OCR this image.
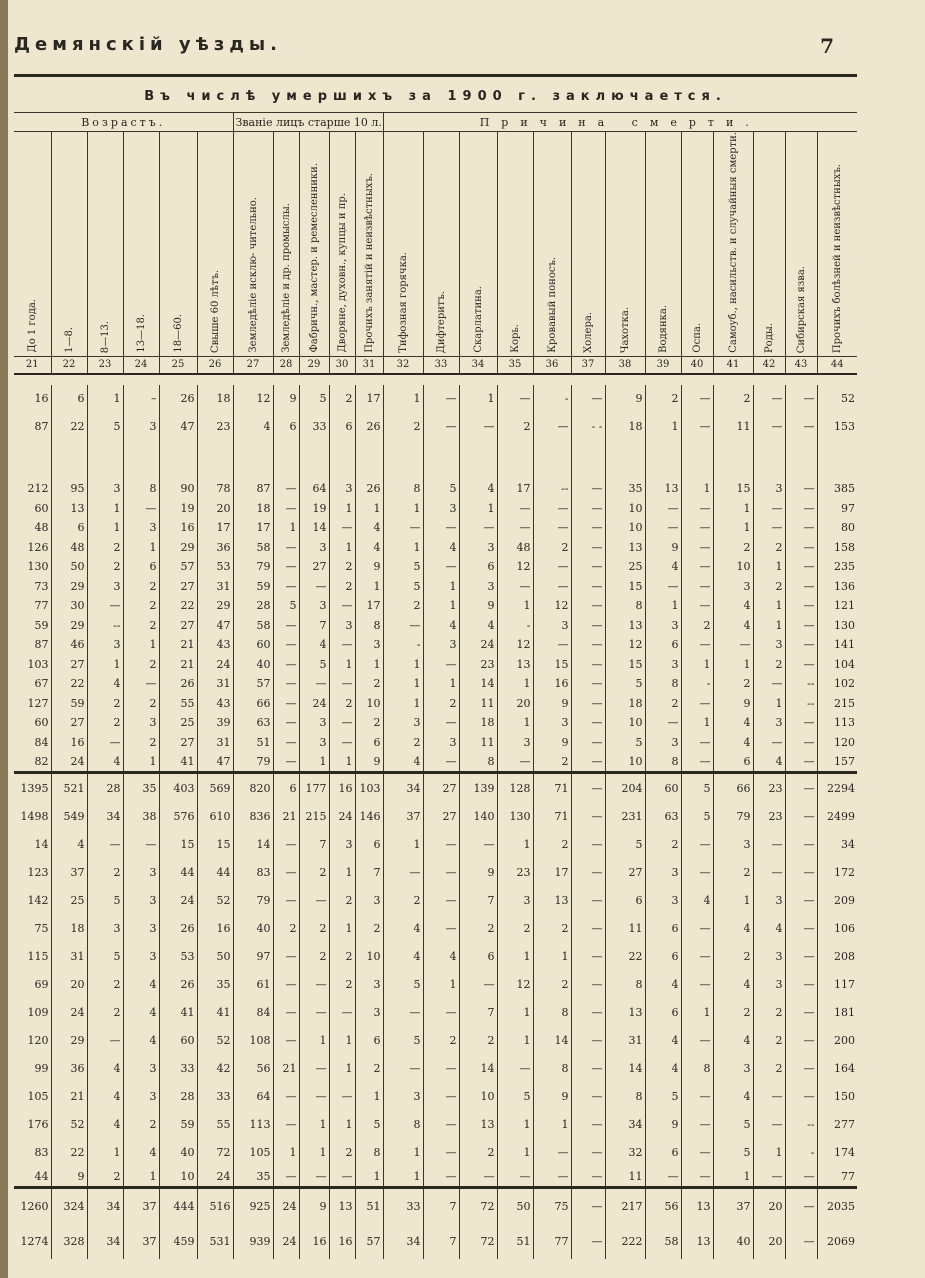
Демянскій уѣзды.	7
Въ числѣ умершихъ за 1900 г. заключается.																							
Возрастъ.						Званіе лицъ старше 10 л.					Причина смерти.												
До 1 года.	1—8.	8—13.	13—18.	18—60.	Свыше 60 лѣтъ.	Земледѣліе исклю- чительно.	Земледѣліе и др. промыслы.	Фабричн., мастер. и ремесленники.	Дворяне, духовн., купцы и пр.	Прочихъ занятій и неизвѣстныхъ.	Тифозная горячка.	Дифтеритъ.	Скарлатина.	Корь.	Кровавый поносъ.	Холера.	Чахотка.	Водянка.	Оспа.	Самоуб., насильств. и случайныя смерти.	Роды.	Сибирская язва.	Прочихъ болѣзней и неизвѣстныхъ.
21	22	23	24	25	26	27	28	29	30	31	32	33	34	35	36	37	38	39	40	41	42	43	44

16	6	1	–	26	18	12	9	5	2	17	1	—	1	—	-	—	9	2	—	2	—	—	52
87	22	5	3	47	23	4	6	33	6	26	2	—	—	2	—	- -	18	1	—	11	—	—	153

212	95	3	8	90	78	87	—	64	3	26	8	5	4	17	--	—	35	13	1	15	3	—	385
60	13	1	—	19	20	18	—	19	1	1	1	3	1	—	—	—	10	—	—	1	—	—	97
48	6	1	3	16	17	17	1	14	—	4	—	—	—	—	—	—	10	—	—	1	—	—	80
126	48	2	1	29	36	58	—	3	1	4	1	4	3	48	2	—	13	9	—	2	2	—	158
130	50	2	6	57	53	79	—	27	2	9	5	—	6	12	—	—	25	4	—	10	1	—	235
73	29	3	2	27	31	59	—	—	2	1	5	1	3	—	—	—	15	—	—	3	2	—	136
77	30	—	2	22	29	28	5	3	—	17	2	1	9	1	12	—	8	1	—	4	1	—	121
59	29	--	2	27	47	58	—	7	3	8	—	4	4	-	3	—	13	3	2	4	1	—	130
87	46	3	1	21	43	60	—	4	—	3	-	3	24	12	—	—	12	6	—	—	3	—	141
103	27	1	2	21	24	40	—	5	1	1	1	—	23	13	15	—	15	3	1	1	2	—	104
67	22	4	—	26	31	57	—	—	—	2	1	1	14	1	16	—	5	8	-	2	—	--	102
127	59	2	2	55	43	66	—	24	2	10	1	2	11	20	9	—	18	2	—	9	1	--	215
60	27	2	3	25	39	63	—	3	—	2	3	—	18	1	3	—	10	—	1	4	3	—	113
84	16	—	2	27	31	51	—	3	—	6	2	3	11	3	9	—	5	3	—	4	—	—	120
82	24	4	1	41	47	79	—	1	1	9	4	—	8	—	2	—	10	8	—	6	4	—	157
1395	521	28	35	403	569	820	6	177	16	103	34	27	139	128	71	—	204	60	5	66	23	—	2294
1498	549	34	38	576	610	836	21	215	24	146	37	27	140	130	71	—	231	63	5	79	23	—	2499
14	4	—	—	15	15	14	—	7	3	6	1	—	—	1	2	—	5	2	—	3	—	—	34
123	37	2	3	44	44	83	—	2	1	7	—	—	9	23	17	—	27	3	—	2	—	—	172
142	25	5	3	24	52	79	—	—	2	3	2	—	7	3	13	—	6	3	4	1	3	—	209
75	18	3	3	26	16	40	2	2	1	2	4	—	2	2	2	—	11	6	—	4	4	—	106
115	31	5	3	53	50	97	—	2	2	10	4	4	6	1	1	—	22	6	—	2	3	—	208
69	20	2	4	26	35	61	—	—	2	3	5	1	—	12	2	—	8	4	—	4	3	—	117
109	24	2	4	41	41	84	—	—	—	3	—	—	7	1	8	—	13	6	1	2	2	—	181
120	29	—	4	60	52	108	—	1	1	6	5	2	2	1	14	—	31	4	—	4	2	—	200
99	36	4	3	33	42	56	21	—	1	2	—	—	14	—	8	—	14	4	8	3	2	—	164
105	21	4	3	28	33	64	—	—	—	1	3	—	10	5	9	—	8	5	—	4	—	—	150
176	52	4	2	59	55	113	—	1	1	5	8	—	13	1	1	—	34	9	—	5	—	--	277
83	22	1	4	40	72	105	1	1	2	8	1	—	2	1	—	—	32	6	—	5	1	-	174
44	9	2	1	10	24	35	—	—	—	1	1	—	—	—	—	—	11	—	—	1	—	—	77
1260	324	34	37	444	516	925	24	9	13	51	33	7	72	50	75	—	217	56	13	37	20	—	2035
1274	328	34	37	459	531	939	24	16	16	57	34	7	72	51	77	—	222	58	13	40	20	—	2069
